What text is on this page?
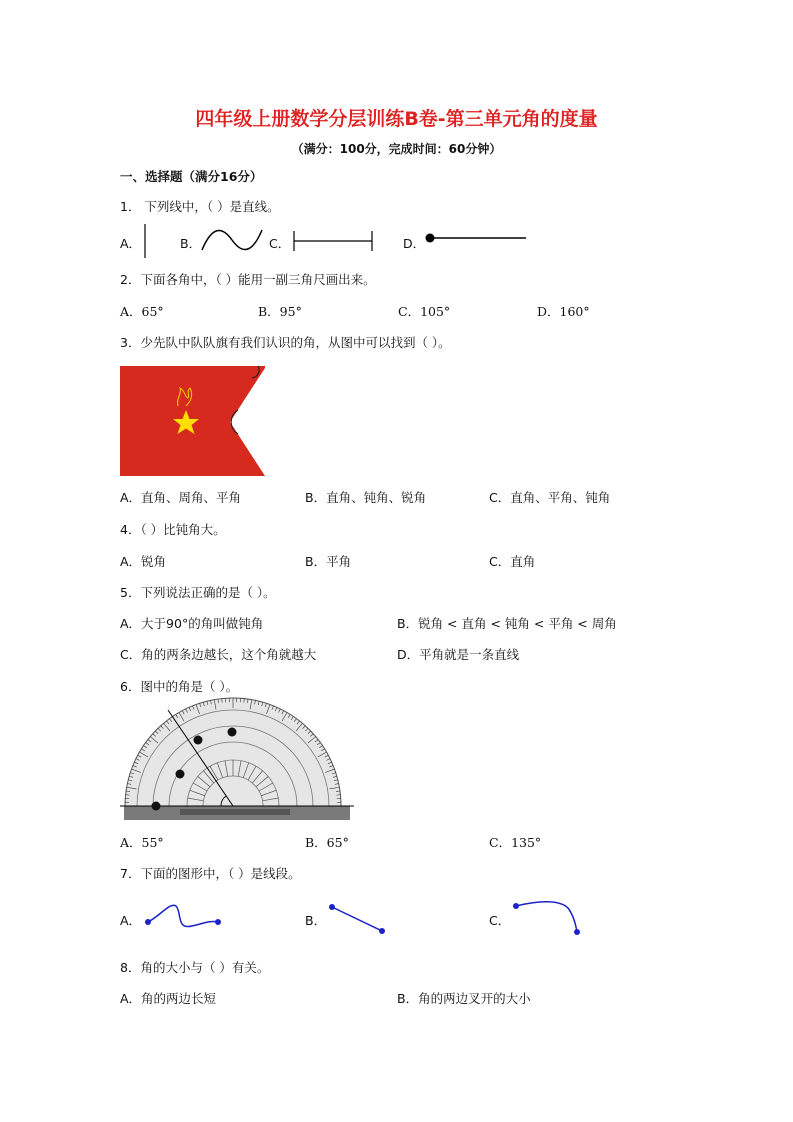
四年级上册数学分层训练B卷-第三单元角的度量
（满分：100分，完成时间：60分钟）
一、选择题（满分16分）
1． 下列线中，（ ）是直线。
A．	B．	C．	D．
2．下面各角中，（ ）能用一副三角尺画出来。
A．65°	B．95°	C．105°	D．160°
3．少先队中队队旗有我们认识的角，从图中可以找到（ ）。
A．直角、周角、平角	B．直角、钝角、锐角	C．直角、平角、钝角
4．（ ）比钝角大。
A．锐角	B．平角	C．直角
5．下列说法正确的是（ ）。
A．大于90°的角叫做钝角	B．锐角 < 直角 < 钝角 < 平角 < 周角
C．角的两条边越长，这个角就越大	D．平角就是一条直线
6．图中的角是（ ）。
A．55°	B．65°	C．135°
7．下面的图形中，（ ）是线段。
A．	B．	C．
8．角的大小与（ ）有关。
A．角的两边长短	B．角的两边叉开的大小
